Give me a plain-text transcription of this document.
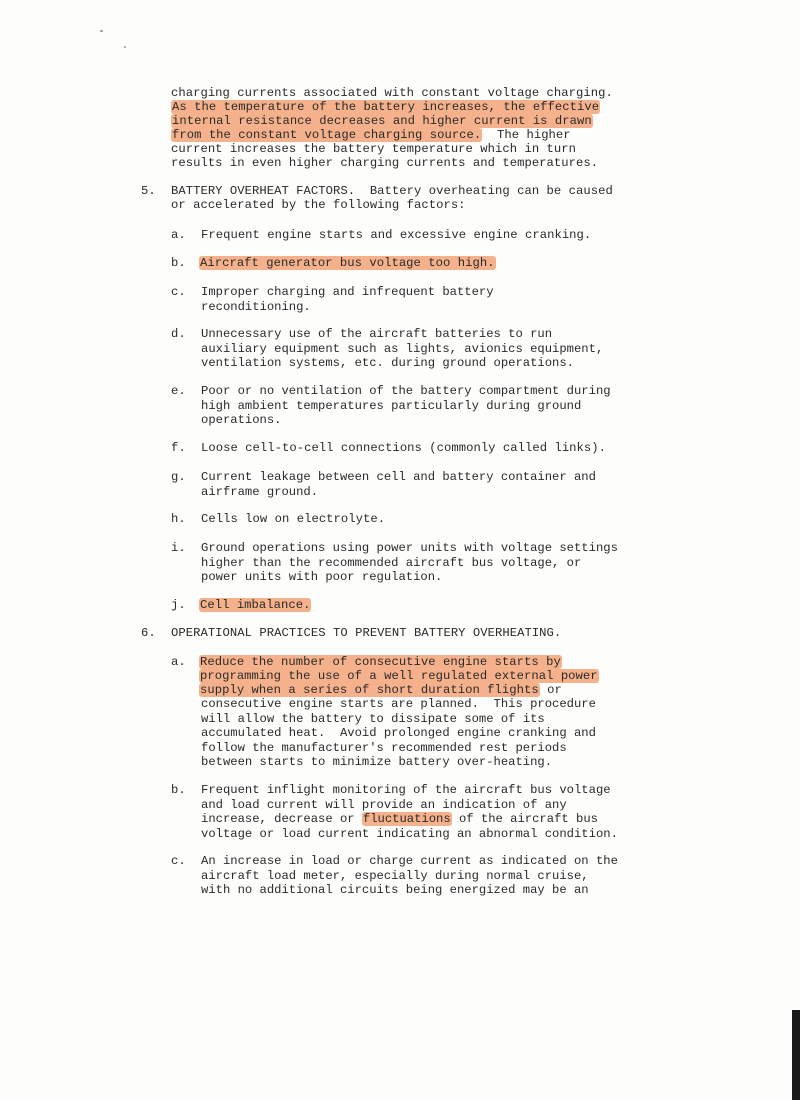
charging currents associated with constant voltage charging.
As the temperature of the battery increases, the effective
internal resistance decreases and higher current is drawn
from the constant voltage charging source.  The higher
current increases the battery temperature which in turn
results in even higher charging currents and temperatures.
5. BATTERY OVERHEAT FACTORS.  Battery overheating can be caused
or accelerated by the following factors:
a. Frequent engine starts and excessive engine cranking.
b. Aircraft generator bus voltage too high.
c. Improper charging and infrequent battery
reconditioning.
d. Unnecessary use of the aircraft batteries to run
auxiliary equipment such as lights, avionics equipment,
ventilation systems, etc. during ground operations.
e. Poor or no ventilation of the battery compartment during
high ambient temperatures particularly during ground
operations.
f. Loose cell-to-cell connections (commonly called links).
g. Current leakage between cell and battery container and
airframe ground.
h. Cells low on electrolyte.
i. Ground operations using power units with voltage settings
higher than the recommended aircraft bus voltage, or
power units with poor regulation.
j. Cell imbalance.
6. OPERATIONAL PRACTICES TO PREVENT BATTERY OVERHEATING.
a. Reduce the number of consecutive engine starts by
programming the use of a well regulated external power
supply when a series of short duration flights or
consecutive engine starts are planned.  This procedure
will allow the battery to dissipate some of its
accumulated heat.  Avoid prolonged engine cranking and
follow the manufacturer's recommended rest periods
between starts to minimize battery over-heating.
b. Frequent inflight monitoring of the aircraft bus voltage
and load current will provide an indication of any
increase, decrease or fluctuations of the aircraft bus
voltage or load current indicating an abnormal condition.
c. An increase in load or charge current as indicated on the
aircraft load meter, especially during normal cruise,
with no additional circuits being energized may be an
